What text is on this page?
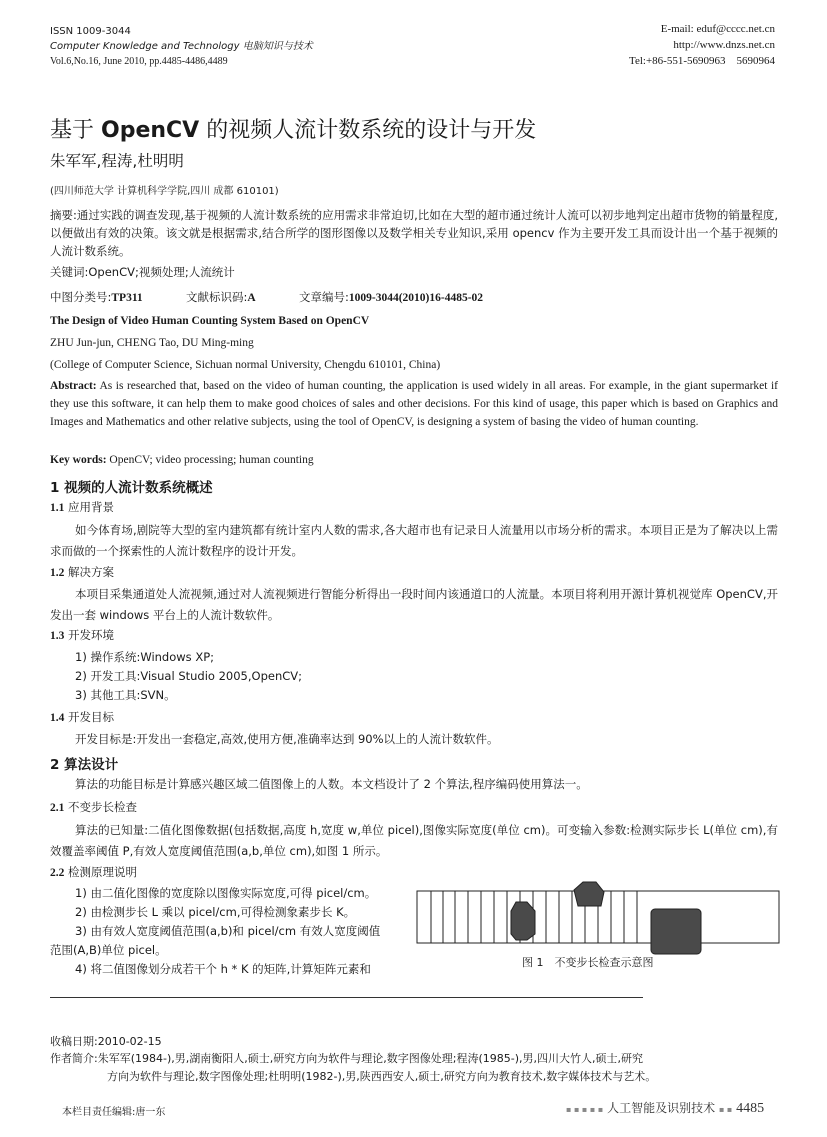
ISSN 1009-3044
Computer Knowledge and Technology 电脑知识与技术
Vol.6,No.16, June 2010, pp.4485-4486,4489
E-mail: eduf@cccc.net.cn
http://www.dnzs.net.cn
Tel:+86-551-5690963　5690964
基于 OpenCV 的视频人流计数系统的设计与开发
朱军军,程涛,杜明明
(四川师范大学 计算机科学学院,四川 成都 610101)
摘要:通过实践的调查发现,基于视频的人流计数系统的应用需求非常迫切,比如在大型的超市通过统计人流可以初步地判定出超市货物的销量程度,以便做出有效的决策。该文就是根据需求,结合所学的图形图像以及数学相关专业知识,采用 opencv 作为主要开发工具而设计出一个基于视频的人流计数系统。
关键词:OpenCV;视频处理;人流统计
中图分类号:TP311	文献标识码:A	文章编号:1009-3044(2010)16-4485-02
The Design of Video Human Counting System Based on OpenCV
ZHU Jun-jun, CHENG Tao, DU Ming-ming
(College of Computer Science, Sichuan normal University, Chengdu 610101, China)
Abstract: As is researched that, based on the video of human counting, the application is used widely in all areas. For example, in the giant supermarket if they use this software, it can help them to make good choices of sales and other decisions. For this kind of usage, this paper which is based on Graphics and Images and Mathematics and other relative subjects, using the tool of OpenCV, is designing a system of basing the video of human counting.
Key words: OpenCV; video processing; human counting
1 视频的人流计数系统概述
1.1 应用背景
如今体育场,剧院等大型的室内建筑都有统计室内人数的需求,各大超市也有记录日人流量用以市场分析的需求。本项目正是为了解决以上需求而做的一个探索性的人流计数程序的设计开发。
1.2 解决方案
本项目采集通道处人流视频,通过对人流视频进行智能分析得出一段时间内该通道口的人流量。本项目将利用开源计算机视觉库 OpenCV,开发出一套 windows 平台上的人流计数软件。
1.3 开发环境
1) 操作系统:Windows XP;
2) 开发工具:Visual Studio 2005,OpenCV;
3) 其他工具:SVN。
1.4 开发目标
开发目标是:开发出一套稳定,高效,使用方便,准确率达到 90%以上的人流计数软件。
2 算法设计
算法的功能目标是计算感兴趣区域二值图像上的人数。本文档设计了 2 个算法,程序编码使用算法一。
2.1 不变步长检查
算法的已知量:二值化图像数据(包括数据,高度 h,宽度 w,单位 picel),图像实际宽度(单位 cm)。可变输入参数:检测实际步长 L(单位 cm),有效覆盖率阈值 P,有效人宽度阈值范围(a,b,单位 cm),如图 1 所示。
2.2 检测原理说明
1) 由二值化图像的宽度除以图像实际宽度,可得 picel/cm。
2) 由检测步长 L 乘以 picel/cm,可得检测象素步长 K。
3) 由有效人宽度阈值范围(a,b)和 picel/cm 有效人宽度阈值
范围(A,B)单位 picel。
4) 将二值图像划分成若干个 h * K 的矩阵,计算矩阵元素和	图 1　不变步长检查示意图
收稿日期:2010-02-15
作者简介:朱军军(1984-),男,湖南衡阳人,硕士,研究方向为软件与理论,数字图像处理;程涛(1985-),男,四川大竹人,硕士,研究
方向为软件与理论,数字图像处理;杜明明(1982-),男,陕西西安人,硕士,研究方向为教育技术,数字媒体技术与艺术。
本栏目责任编辑:唐一东	▪ ▪ ▪ ▪ ▪ 人工智能及识别技术 ▪ ▪ 4485
